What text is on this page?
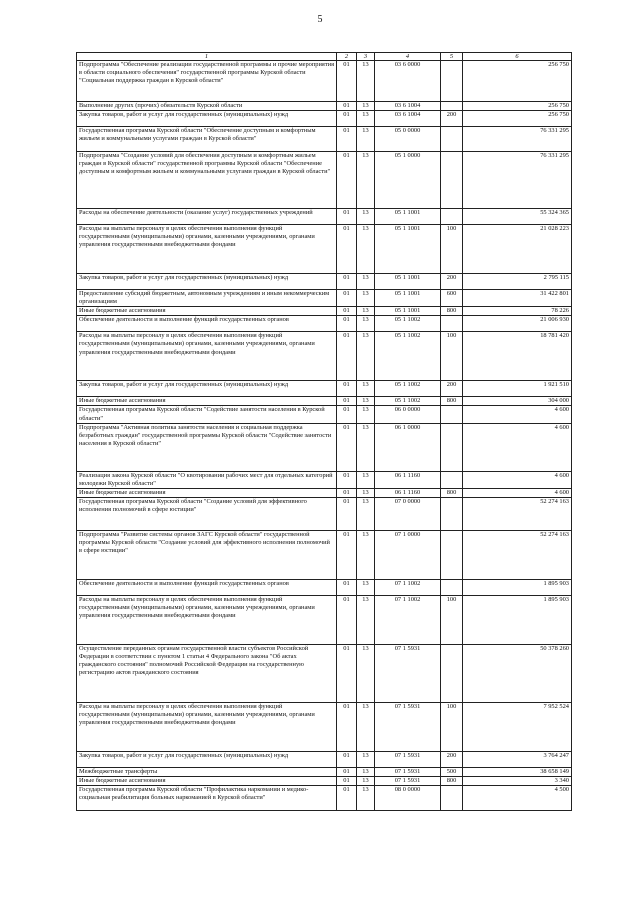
5
1	2	3	4	5	6
Подпрограмма "Обеспечение реализации государственной программы и прочие мероприятия в области социального обеспечения" государственной программы Курской области "Социальная поддержка граждан в Курской области"	01	13	03 6 0000		256 750
Выполнение других (прочих) обязательств Курской области	01	13	03 6 1004		256 750
Закупка товаров, работ и услуг для государственных (муниципальных) нужд	01	13	03 6 1004	200	256 750
Государственная программа Курской области "Обеспечение доступным и комфортным жильем и коммунальными услугами граждан в Курской области"	01	13	05 0 0000		76 331 295
Подпрограмма "Создание условий для обеспечения доступным и комфортным жильем граждан в Курской области" государственной программы Курской области "Обеспечение доступным и комфортным жильем и коммунальными услугами граждан в Курской области"	01	13	05 1 0000		76 331 295
Расходы на обеспечение деятельности (оказание услуг) государственных учреждений	01	13	05 1 1001		55 324 365
Расходы на выплаты персоналу в целях обеспечения выполнения функций государственными (муниципальными) органами, казенными учреждениями, органами управления государственными внебюджетными фондами	01	13	05 1 1001	100	21 028 223
Закупка товаров, работ и услуг для государственных (муниципальных) нужд	01	13	05 1 1001	200	2 795 115
Предоставление субсидий бюджетным, автономным учреждениям и иным некоммерческим организациям	01	13	05 1 1001	600	31 422 801
Иные бюджетные ассигнования	01	13	05 1 1001	800	78 226
Обеспечение деятельности и выполнение функций государственных органов	01	13	05 1 1002		21 006 930
Расходы на выплаты персоналу в целях обеспечения выполнения функций государственными (муниципальными) органами, казенными учреждениями, органами управления государственными внебюджетными фондами	01	13	05 1 1002	100	18 781 420
Закупка товаров, работ и услуг для государственных (муниципальных) нужд	01	13	05 1 1002	200	1 921 510
Иные бюджетные ассигнования	01	13	05 1 1002	800	304 000
Государственная программа Курской области "Содействие занятости населения в Курской области"	01	13	06 0 0000		4 600
Подпрограмма "Активная политика занятости населения и социальная поддержка безработных граждан" государственной программы Курской области "Содействие занятости населения в Курской области"	01	13	06 1 0000		4 600
Реализация закона Курской области "О квотировании рабочих мест для отдельных категорий молодежи Курской области"	01	13	06 1 1160		4 600
Иные бюджетные ассигнования	01	13	06 1 1160	800	4 600
Государственная программа Курской области "Создание условий для эффективного исполнения полномочий в сфере юстиции"	01	13	07 0 0000		52 274 163
Подпрограмма "Развитие системы органов ЗАГС Курской области" государственной программы Курской области "Создание условий для эффективного исполнения полномочий в сфере юстиции"	01	13	07 1 0000		52 274 163
Обеспечение деятельности и выполнение функций государственных органов	01	13	07 1 1002		1 895 903
Расходы на выплаты персоналу в целях обеспечения выполнения функций государственными (муниципальными) органами, казенными учреждениями, органами управления государственными внебюджетными фондами	01	13	07 1 1002	100	1 895 903
Осуществление переданных органам государственной власти субъектов Российской Федерации в соответствии с пунктом 1 статьи 4 Федерального закона "Об актах гражданского состояния" полномочий Российской Федерации на государственную регистрацию актов гражданского состояния	01	13	07 1 5931		50 378 260
Расходы на выплаты персоналу в целях обеспечения выполнения функций государственными (муниципальными) органами, казенными учреждениями, органами управления государственными внебюджетными фондами	01	13	07 1 5931	100	7 952 524
Закупка товаров, работ и услуг для государственных (муниципальных) нужд	01	13	07 1 5931	200	3 764 247
Межбюджетные трансферты	01	13	07 1 5931	500	38 658 149
Иные бюджетные ассигнования	01	13	07 1 5931	800	3 340
Государственная программа Курской области "Профилактика наркомании и медико-социальная реабилитация больных наркоманией в Курской области"	01	13	08 0 0000		4 500
